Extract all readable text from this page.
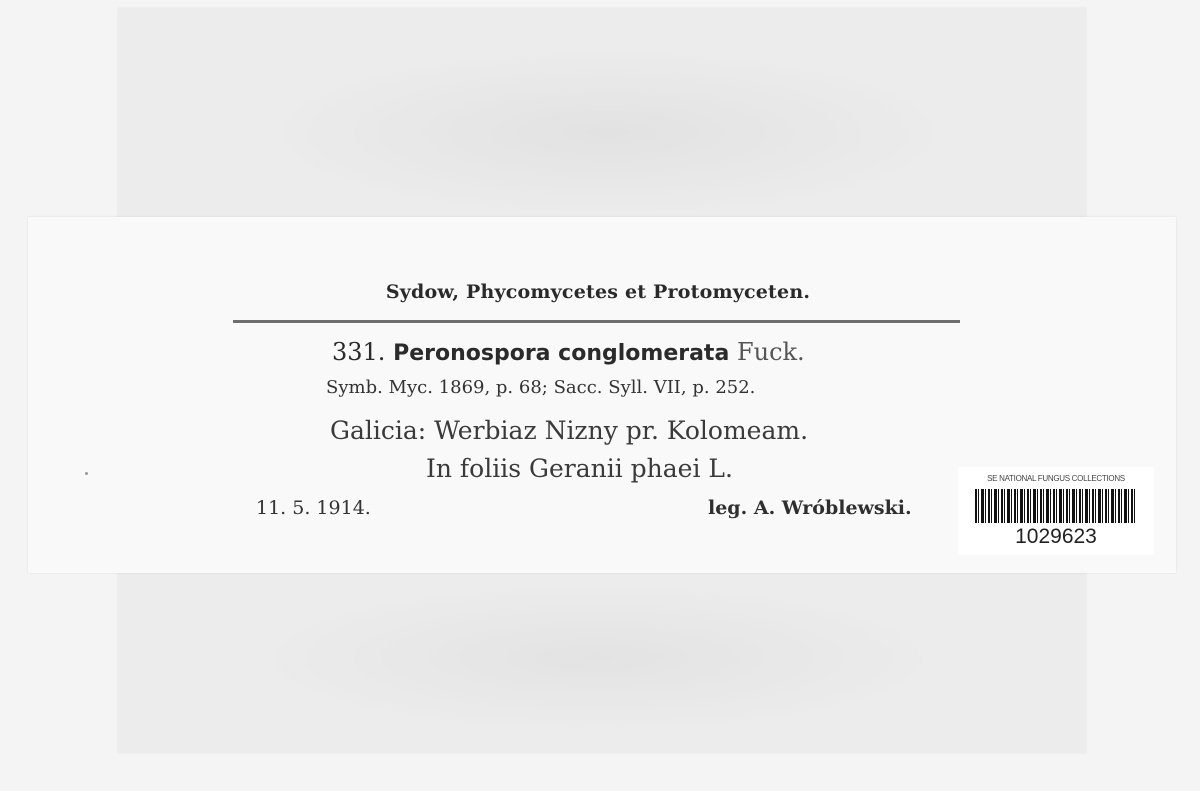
Sydow, Phycomycetes et Protomyceten.
331. Peronospora conglomerata Fuck.
Symb. Myc. 1869, p. 68; Sacc. Syll. VII, p. 252.
Galicia: Werbiaz Nizny pr. Kolomeam.
In foliis Geranii phaei L.
11. 5. 1914.	leg. A. Wróblewski.
SE NATIONAL FUNGUS COLLECTIONS
1029623
